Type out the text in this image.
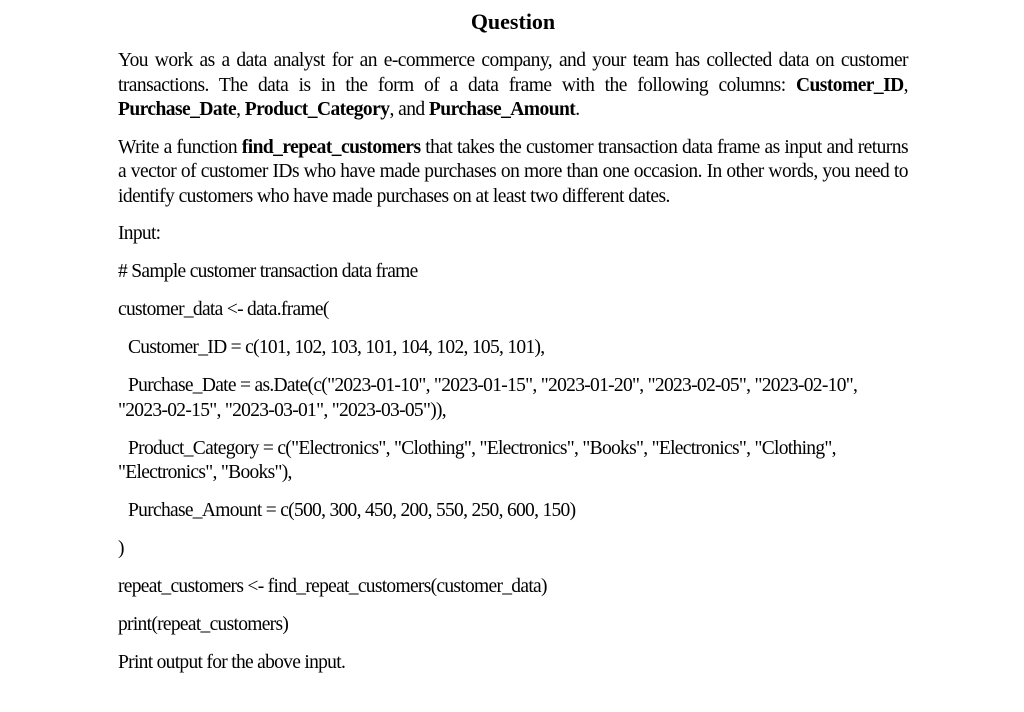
Question
You work as a data analyst for an e-commerce company, and your team has collected data on customer transactions. The data is in the form of a data frame with the following columns: Customer_ID, Purchase_Date, Product_Category, and Purchase_Amount.
Write a function find_repeat_customers that takes the customer transaction data frame as input and returns a vector of customer IDs who have made purchases on more than one occasion. In other words, you need to identify customers who have made purchases on at least two different dates.
Input:
# Sample customer transaction data frame
customer_data <- data.frame(
Customer_ID = c(101, 102, 103, 101, 104, 102, 105, 101),
Purchase_Date = as.Date(c("2023-01-10", "2023-01-15", "2023-01-20", "2023-02-05", "2023-02-10", "2023-02-15", "2023-03-01", "2023-03-05")),
Product_Category = c("Electronics", "Clothing", "Electronics", "Books", "Electronics", "Clothing", "Electronics", "Books"),
Purchase_Amount = c(500, 300, 450, 200, 550, 250, 600, 150)
)
repeat_customers <- find_repeat_customers(customer_data)
print(repeat_customers)
Print output for the above input.
